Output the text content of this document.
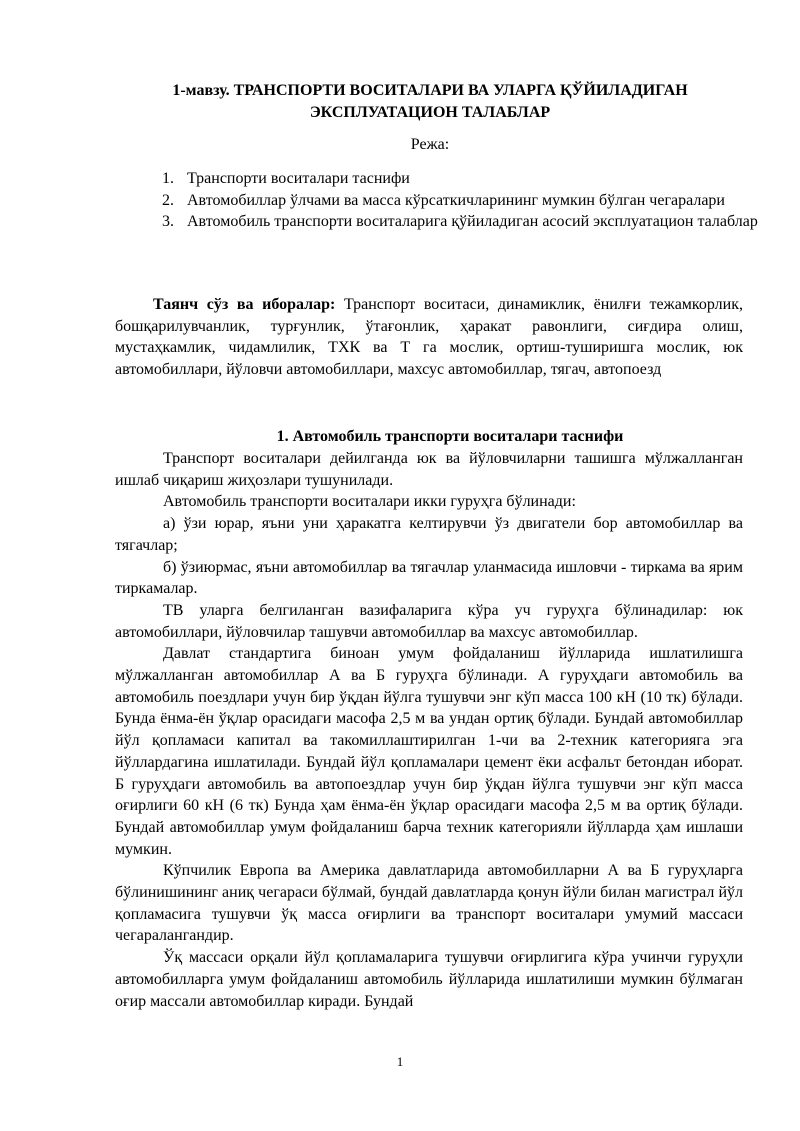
1-мавзу. ТРАНСПОРТИ ВОСИТАЛАРИ ВА УЛАРГА ҚЎЙИЛАДИГАН
ЭКСПЛУАТАЦИОН ТАЛАБЛАР
Режа:
1. Транспорти воситалари таснифи
2. Автомобиллар ўлчами ва масса кўрсаткичларининг мумкин бўлган чегаралари
3. Автомобиль транспорти воситаларига қўйиладиган асосий эксплуатацион талаблар
Таянч сўз ва иборалар: Транспорт воситаси, динамиклик, ёнилғи тежамкорлик, бошқарилувчанлик, турғунлик, ўтағонлик, ҳаракат равонлиги, сиғдира олиш, мустаҳкамлик, чидамлилик, ТХК ва Т га мослик, ортиш-туширишга мослик, юк автомобиллари, йўловчи автомобиллари, махсус автомобиллар, тягач, автопоезд
1. Автомобиль транспорти воситалари таснифи

Транспорт воситалари дейилганда юк ва йўловчиларни ташишга мўлжалланган ишлаб чиқариш жиҳозлари тушунилади.

Автомобиль транспорти воситалари икки гуруҳга бўлинади:

а) ўзи юрар, яъни уни ҳаракатга келтирувчи ўз двигатели бор автомобиллар ва тягачлар;

б) ўзиюрмас, яъни автомобиллар ва тягачлар уланмасида ишловчи - тиркама ва ярим тиркамалар.

ТВ уларга белгиланган вазифаларига кўра уч гуруҳга бўлинадилар: юк автомобиллари, йўловчилар ташувчи автомобиллар ва махсус автомобиллар.

Давлат стандартига биноан умум фойдаланиш йўлларида ишлатилишга мўлжалланган автомобиллар А ва Б гуруҳга бўлинади. А гуруҳдаги автомобиль ва автомобиль поездлари учун бир ўқдан йўлга тушувчи энг кўп масса 100 кН (10 тк) бўлади. Бунда ёнма-ён ўқлар орасидаги масофа 2,5 м ва ундан ортиқ бўлади. Бундай автомобиллар йўл қопламаси капитал ва такомиллаштирилган 1-чи ва 2-техник категорияга эга йўллардагина ишлатилади. Бундай йўл қопламалари цемент ёки асфальт бетондан иборат. Б гуруҳдаги автомобиль ва автопоездлар учун бир ўқдан йўлга тушувчи энг кўп масса оғирлиги 60 кН (6 тк) Бунда ҳам ёнма-ён ўқлар орасидаги масофа 2,5 м ва ортиқ бўлади. Бундай автомобиллар умум фойдаланиш барча техник категорияли йўлларда ҳам ишлаши мумкин.

Кўпчилик Европа ва Америка давлатларида автомобилларни А ва Б гуруҳларга бўлинишининг аниқ чегараси бўлмай, бундай давлатларда қонун йўли билан магистрал йўл қопламасига тушувчи ўқ масса оғирлиги ва транспорт воситалари умумий массаси чегаралангандир.

Ўқ массаси орқали йўл қопламаларига тушувчи оғирлигига кўра учинчи гуруҳли автомобилларга умум фойдаланиш автомобиль йўлларида ишлатилиши мумкин бўлмаган оғир массали автомобиллар киради. Бундай

1
